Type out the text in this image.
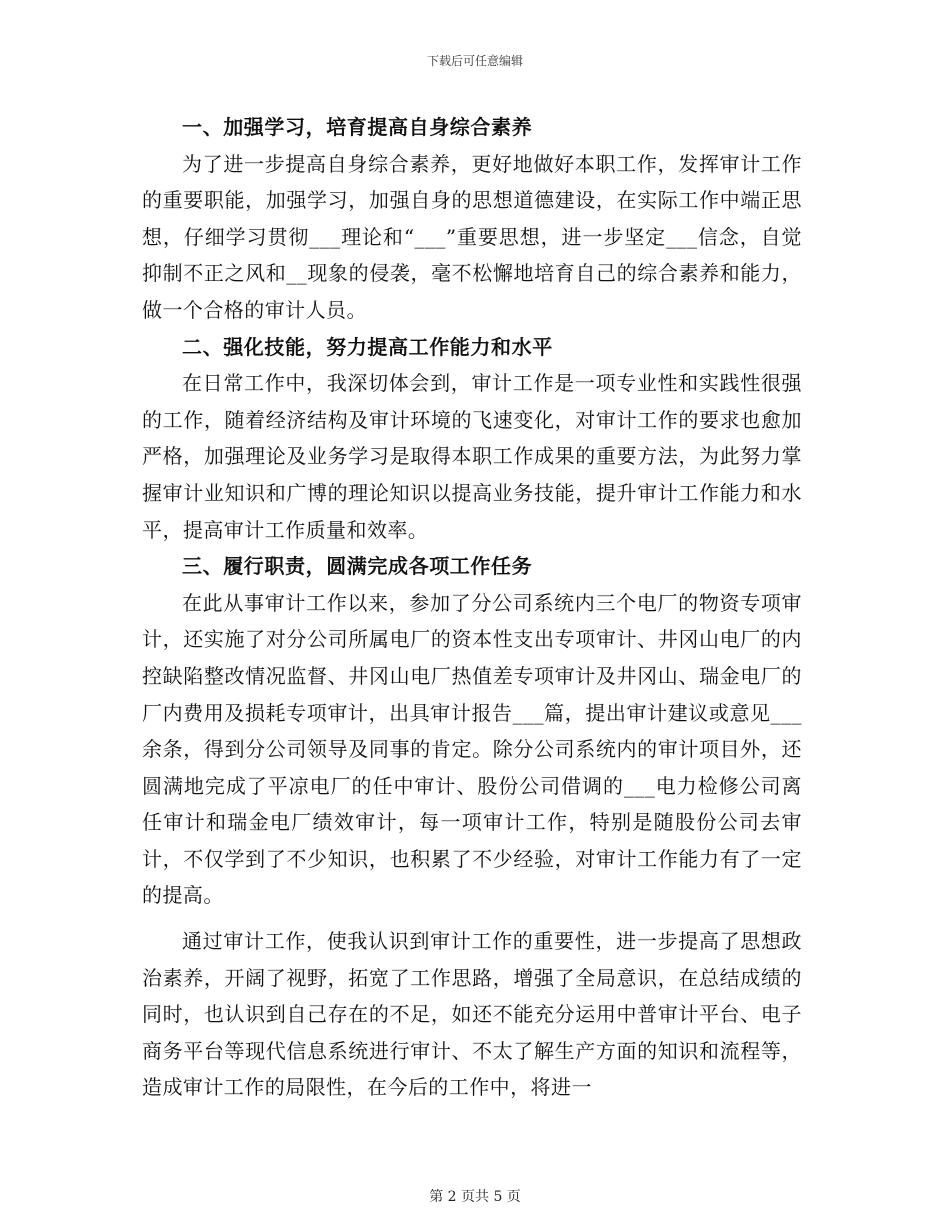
下载后可任意编辑
一、加强学习，培育提高自身综合素养

为了进一步提高自身综合素养，更好地做好本职工作，发挥审计工作的重要职能，加强学习，加强自身的思想道德建设，在实际工作中端正思想，仔细学习贯彻___理论和“___”重要思想，进一步坚定___信念，自觉抑制不正之风和__现象的侵袭，毫不松懈地培育自己的综合素养和能力，做一个合格的审计人员。

二、强化技能，努力提高工作能力和水平

在日常工作中，我深切体会到，审计工作是一项专业性和实践性很强的工作，随着经济结构及审计环境的飞速变化，对审计工作的要求也愈加严格，加强理论及业务学习是取得本职工作成果的重要方法，为此努力掌握审计业知识和广博的理论知识以提高业务技能，提升审计工作能力和水平，提高审计工作质量和效率。

三、履行职责，圆满完成各项工作任务

在此从事审计工作以来，参加了分公司系统内三个电厂的物资专项审计，还实施了对分公司所属电厂的资本性支出专项审计、井冈山电厂的内控缺陷整改情况监督、井冈山电厂热值差专项审计及井冈山、瑞金电厂的厂内费用及损耗专项审计，出具审计报告___篇，提出审计建议或意见___余条，得到分公司领导及同事的肯定。除分公司系统内的审计项目外，还圆满地完成了平凉电厂的任中审计、股份公司借调的___电力检修公司离任审计和瑞金电厂绩效审计，每一项审计工作，特别是随股份公司去审计，不仅学到了不少知识，也积累了不少经验，对审计工作能力有了一定的提高。

通过审计工作，使我认识到审计工作的重要性，进一步提高了思想政治素养，开阔了视野，拓宽了工作思路，增强了全局意识，在总结成绩的同时，也认识到自己存在的不足，如还不能充分运用中普审计平台、电子商务平台等现代信息系统进行审计、不太了解生产方面的知识和流程等，造成审计工作的局限性，在今后的工作中，将进一

第 2 页共 5 页
